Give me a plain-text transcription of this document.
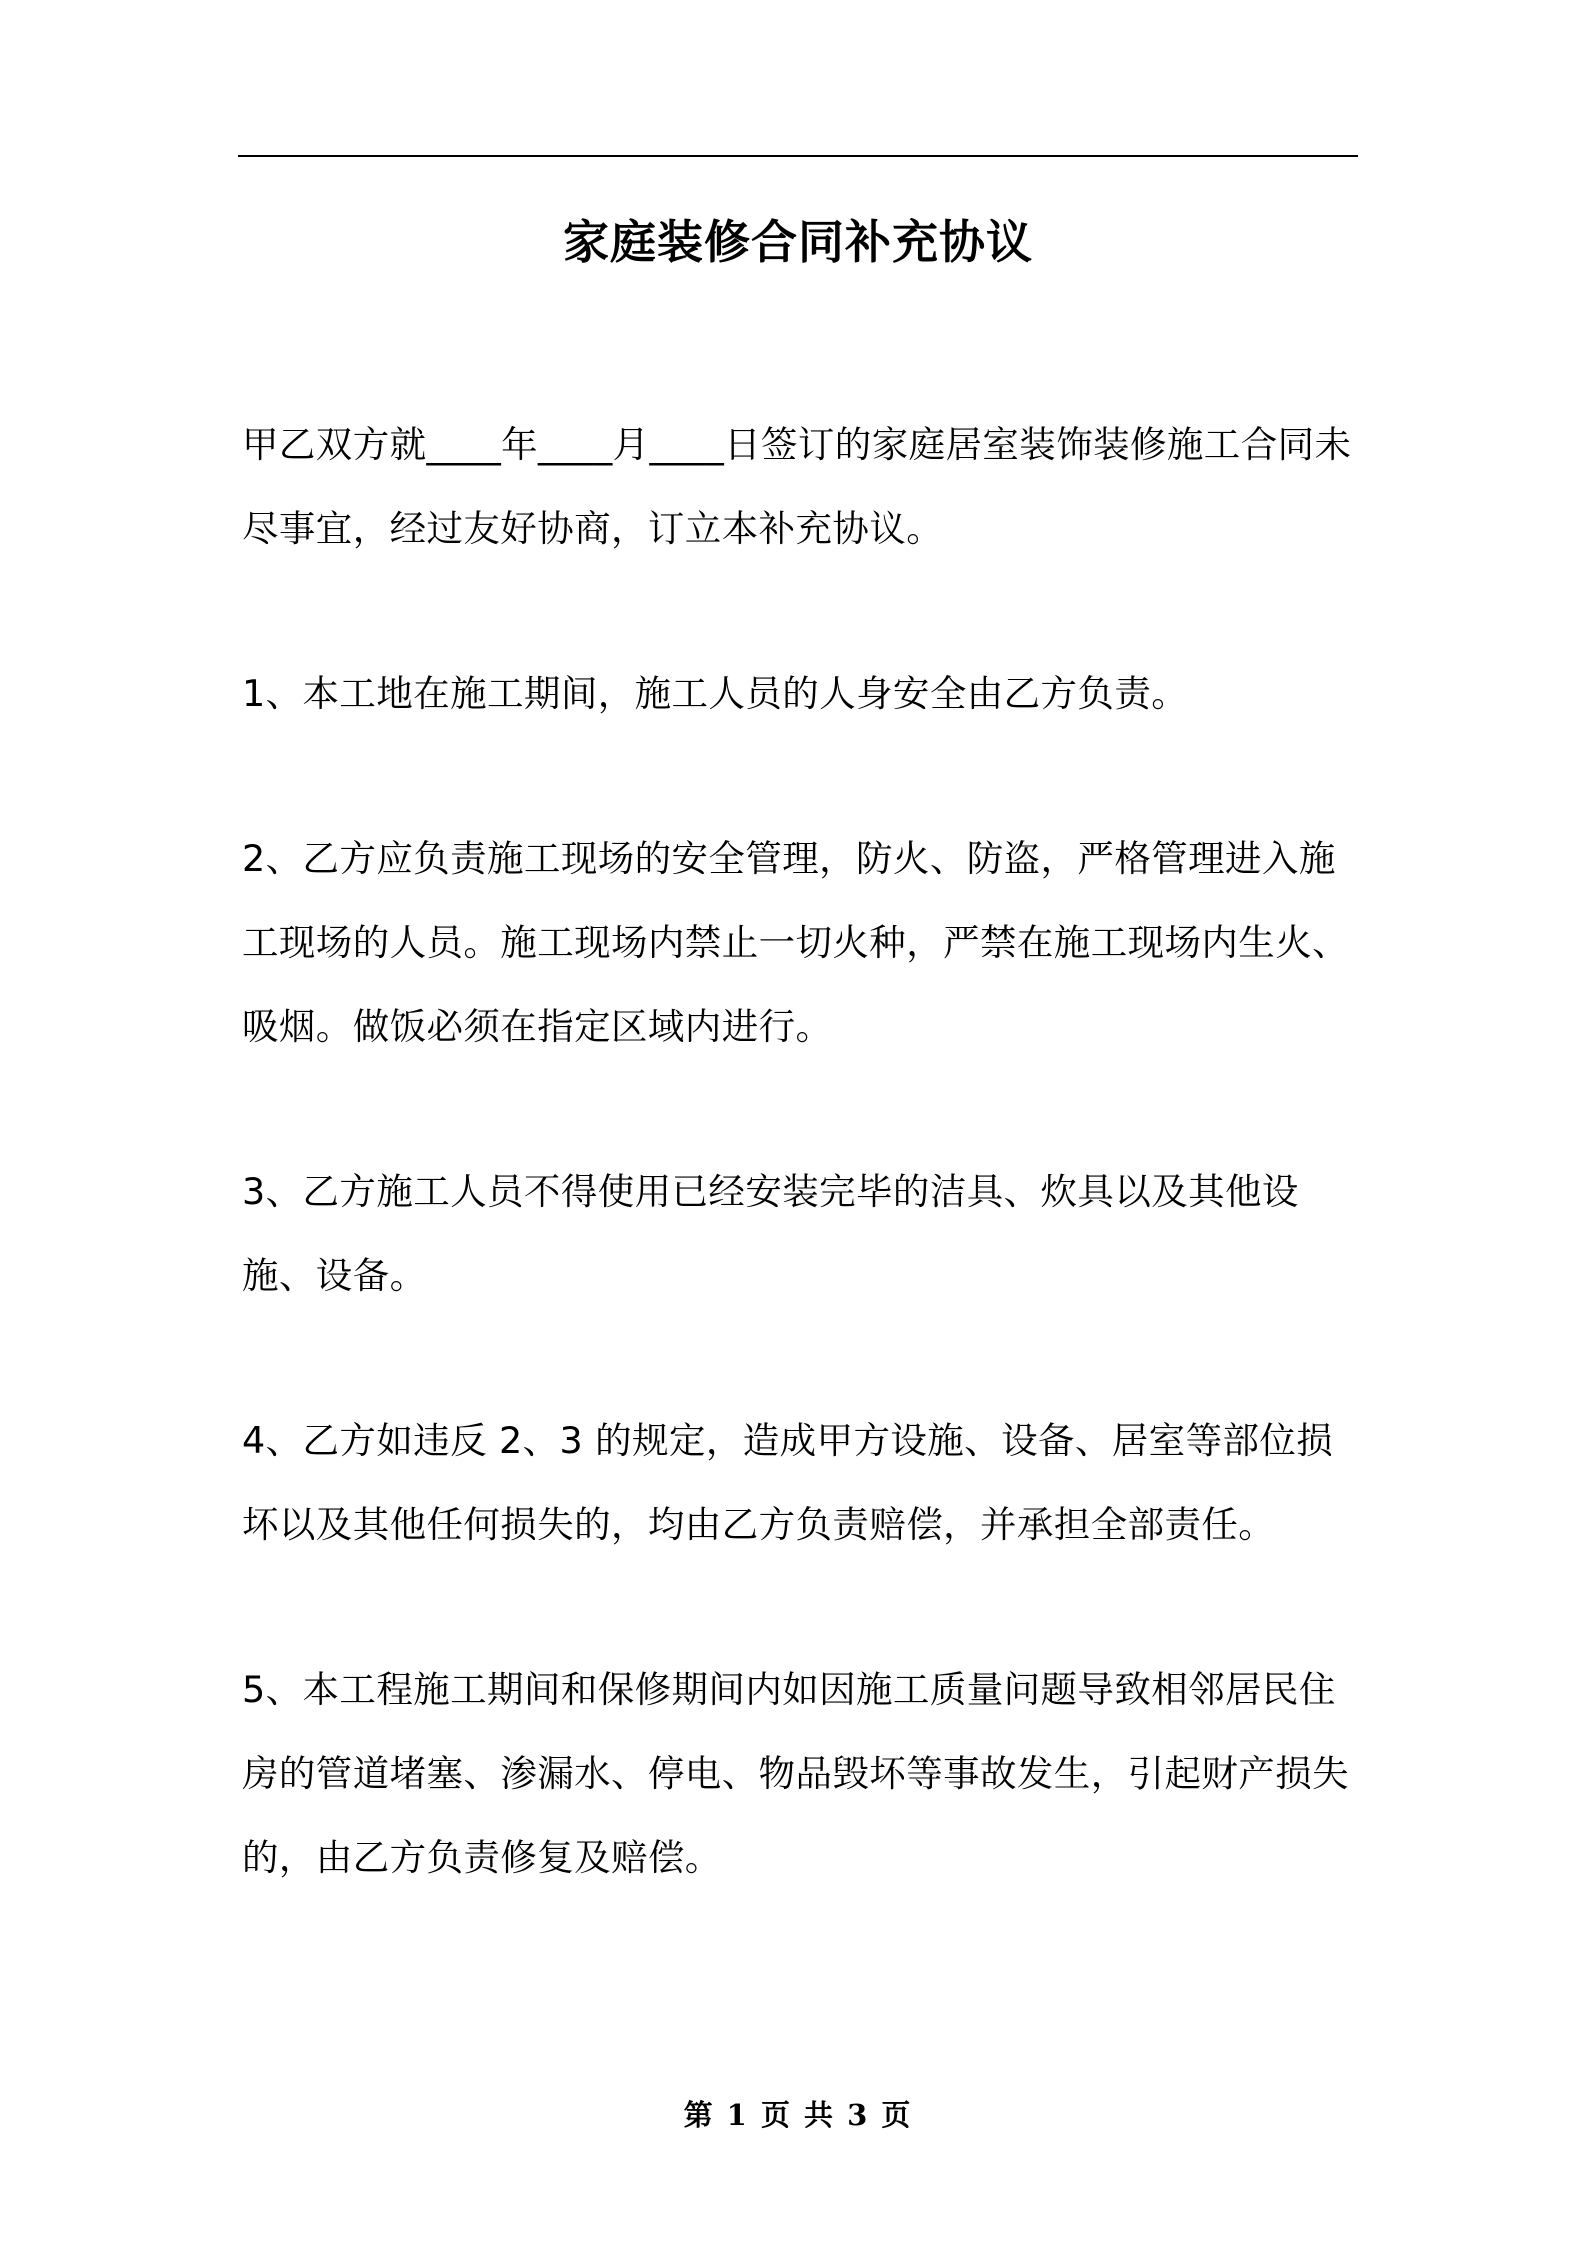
家庭装修合同补充协议

甲乙双方就____年____月____日签订的家庭居室装饰装修施工合同未尽事宜，经过友好协商，订立本补充协议。

1、本工地在施工期间，施工人员的人身安全由乙方负责。

2、乙方应负责施工现场的安全管理，防火、防盗，严格管理进入施工现场的人员。施工现场内禁止一切火种，严禁在施工现场内生火、吸烟。做饭必须在指定区域内进行。

3、乙方施工人员不得使用已经安装完毕的洁具、炊具以及其他设施、设备。

4、乙方如违反 2、3 的规定，造成甲方设施、设备、居室等部位损坏以及其他任何损失的，均由乙方负责赔偿，并承担全部责任。

5、本工程施工期间和保修期间内如因施工质量问题导致相邻居民住房的管道堵塞、渗漏水、停电、物品毁坏等事故发生，引起财产损失的，由乙方负责修复及赔偿。

第 1 页 共 3 页
